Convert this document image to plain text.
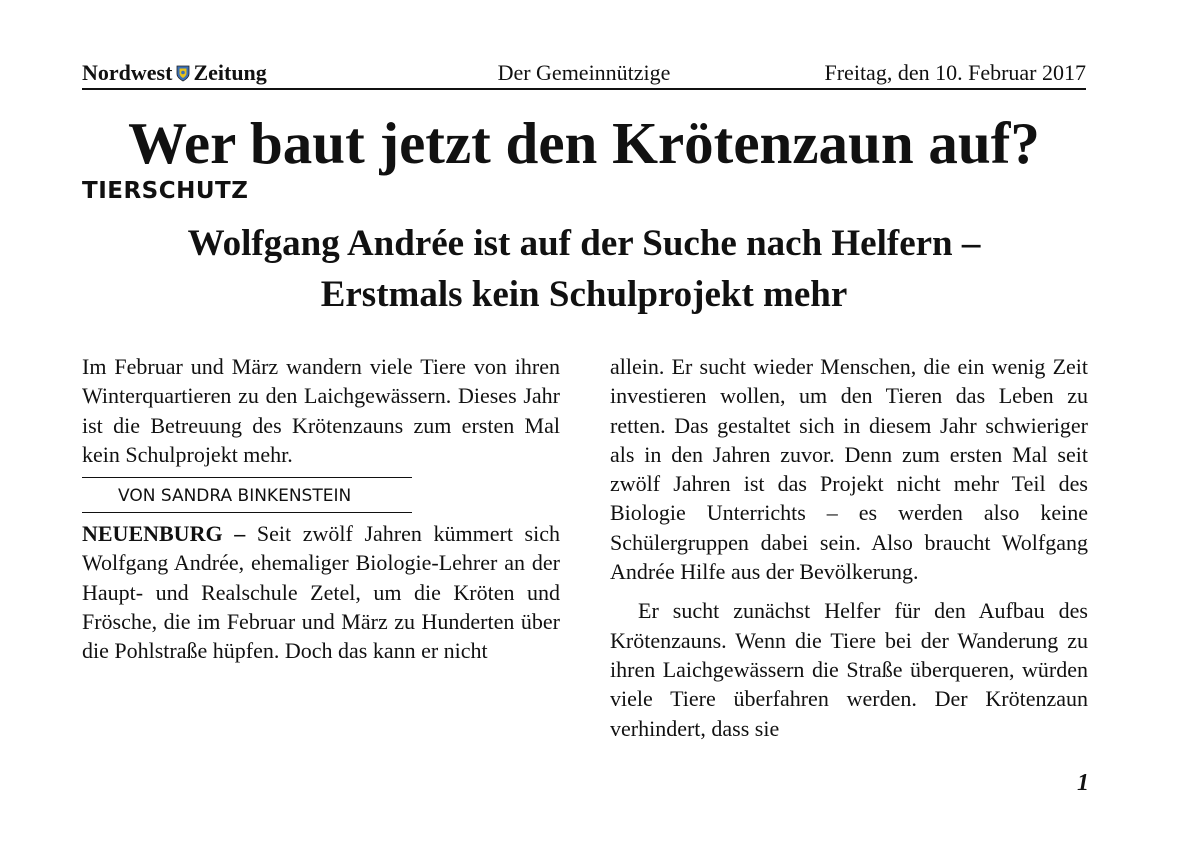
Nordwest Zeitung	Der Gemeinnützige	Freitag, den 10. Februar 2017
Wer baut jetzt den Krötenzaun auf?
TIERSCHUTZ
Wolfgang Andrée ist auf der Suche nach Helfern –
Erstmals kein Schulprojekt mehr

Im Februar und März wandern viele Tiere von ihren Winterquartieren zu den Laichgewässern. Dieses Jahr ist die Betreuung des Krötenzauns zum ersten Mal kein Schulprojekt mehr.

VON SANDRA BINKENSTEIN

NEUENBURG – Seit zwölf Jahren kümmert sich Wolfgang Andrée, ehemaliger Biologie-Lehrer an der Haupt- und Realschule Zetel, um die Kröten und Frösche, die im Februar und März zu Hunderten über die Pohlstraße hüpfen. Doch das kann er nicht

allein. Er sucht wieder Menschen, die ein wenig Zeit investieren wollen, um den Tieren das Leben zu retten. Das gestaltet sich in diesem Jahr schwieriger als in den Jahren zuvor. Denn zum ersten Mal seit zwölf Jahren ist das Projekt nicht mehr Teil des Biologie Unterrichts – es werden also keine Schülergruppen dabei sein. Also braucht Wolfgang Andrée Hilfe aus der Bevölkerung.

Er sucht zunächst Helfer für den Aufbau des Krötenzauns. Wenn die Tiere bei der Wanderung zu ihren Laichgewässern die Straße überqueren, würden viele Tiere überfahren werden. Der Krötenzaun verhindert, dass sie

1
